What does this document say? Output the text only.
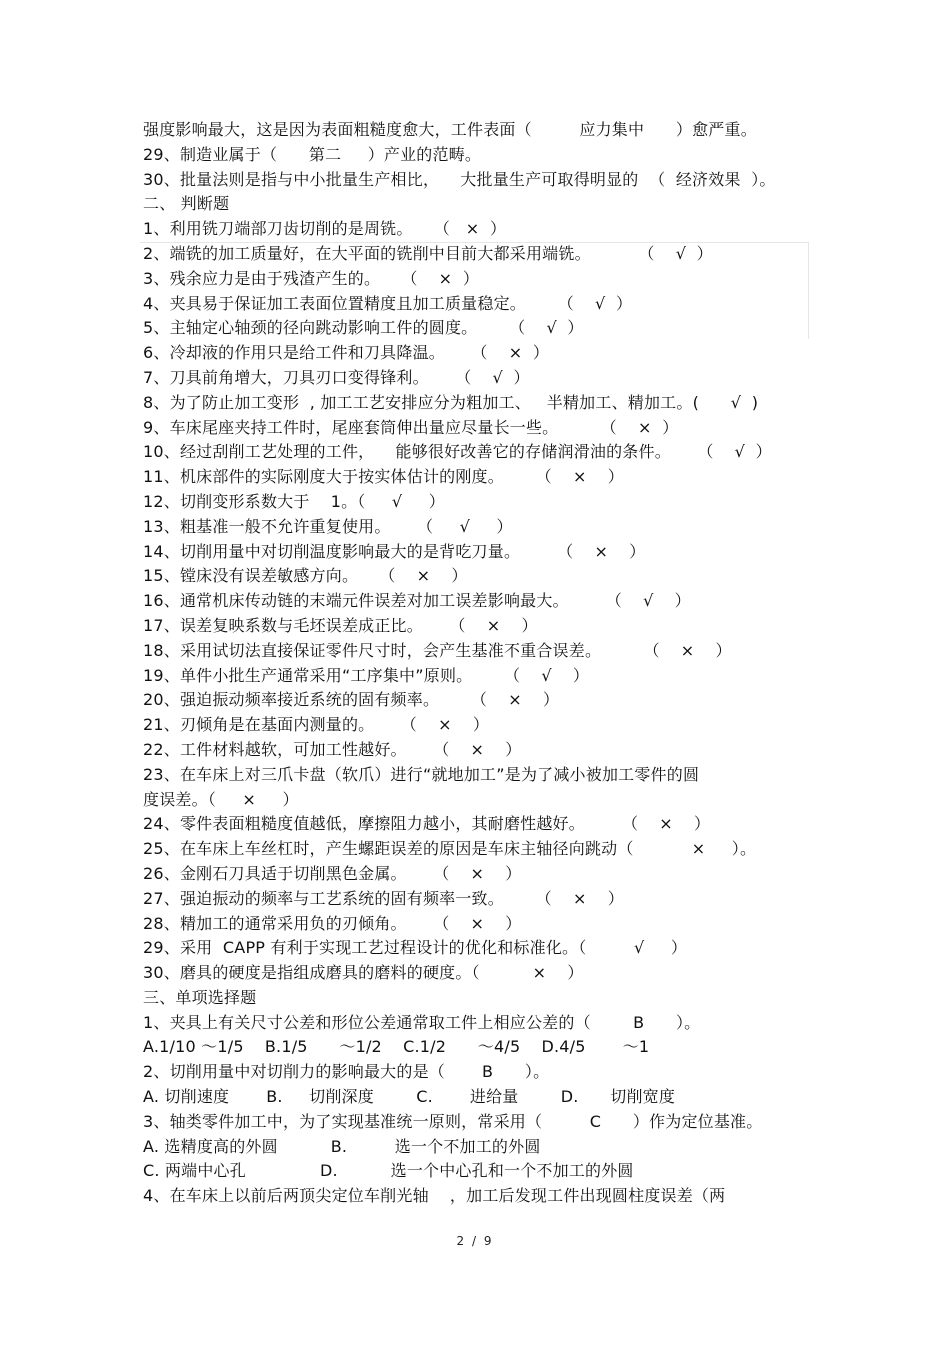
强度影响最大，这是因为表面粗糙度愈大，工件表面（         应力集中      ）愈严重。
29、制造业属于（      第二     ）产业的范畴。
30、批量法则是指与中小批量生产相比，    大批量生产可取得明显的  （  经济效果  ）。
二、 判断题
1、利用铣刀端部刀齿切削的是周铣。    （   ×  ）
2、端铣的加工质量好，在大平面的铣削中目前大都采用端铣。         （    √  ）
3、残余应力是由于残渣产生的。    （    ×  ）
4、夹具易于保证加工表面位置精度且加工质量稳定。      （    √  ）
5、主轴定心轴颈的径向跳动影响工件的圆度。      （    √  ）
6、冷却液的作用只是给工件和刀具降温。     （    ×  ）
7、刀具前角增大，刀具刃口变得锋利。     （    √  ）
8、为了防止加工变形  , 加工工艺安排应分为粗加工、   半精加工、精加工。(      √  )
9、车床尾座夹持工件时，尾座套筒伸出量应尽量长一些。        （    ×  ）
10、经过刮削工艺处理的工件，    能够很好改善它的存储润滑油的条件。     （    √  ）
11、机床部件的实际刚度大于按实体估计的刚度。      （    ×    ）
12、切削变形系数大于    1。（     √     ）
13、粗基准一般不允许重复使用。     （     √     ）
14、切削用量中对切削温度影响最大的是背吃刀量。       （    ×    ）
15、镗床没有误差敏感方向。    （    ×    ）
16、通常机床传动链的末端元件误差对加工误差影响最大。       （    √    ）
17、误差复映系数与毛坯误差成正比。     （    ×    ）
18、采用试切法直接保证零件尺寸时，会产生基准不重合误差。        （    ×    ）
19、单件小批生产通常采用“工序集中”原则。      （    √    ）
20、强迫振动频率接近系统的固有频率。      （    ×    ）
21、刃倾角是在基面内测量的。     （    ×    ）
22、工件材料越软，可加工性越好。     （    ×    ）
23、在车床上对三爪卡盘（软爪）进行“就地加工”是为了减小被加工零件的圆
度误差。（     ×     ）
24、零件表面粗糙度值越低，摩擦阻力越小，其耐磨性越好。       （    ×    ）
25、在车床上车丝杠时，产生螺距误差的原因是车床主轴径向跳动（           ×     ）。
26、金刚石刀具适于切削黑色金属。     （    ×    ）
27、强迫振动的频率与工艺系统的固有频率一致。      （    ×    ）
28、精加工的通常采用负的刃倾角。     （    ×    ）
29、采用  CAPP 有利于实现工艺过程设计的优化和标准化。（         √     ）
30、磨具的硬度是指组成磨具的磨料的硬度。（          ×    ）
三、单项选择题
1、夹具上有关尺寸公差和形位公差通常取工件上相应公差的（        B      ）。
A.1/10 ～1/5    B.1/5      ～1/2    C.1/2      ～4/5    D.4/5       ～1
2、切削用量中对切削力的影响最大的是（       B      ）。
A. 切削速度       B.     切削深度        C.       进给量        D.      切削宽度
3、轴类零件加工中，为了实现基准统一原则，常采用（         C      ）作为定位基准。
A. 选精度高的外圆          B.         选一个不加工的外圆
C. 两端中心孔              D.          选一个中心孔和一个不加工的外圆
4、在车床上以前后两顶尖定位车削光轴    ，加工后发现工件出现圆柱度误差（两
2 / 9
